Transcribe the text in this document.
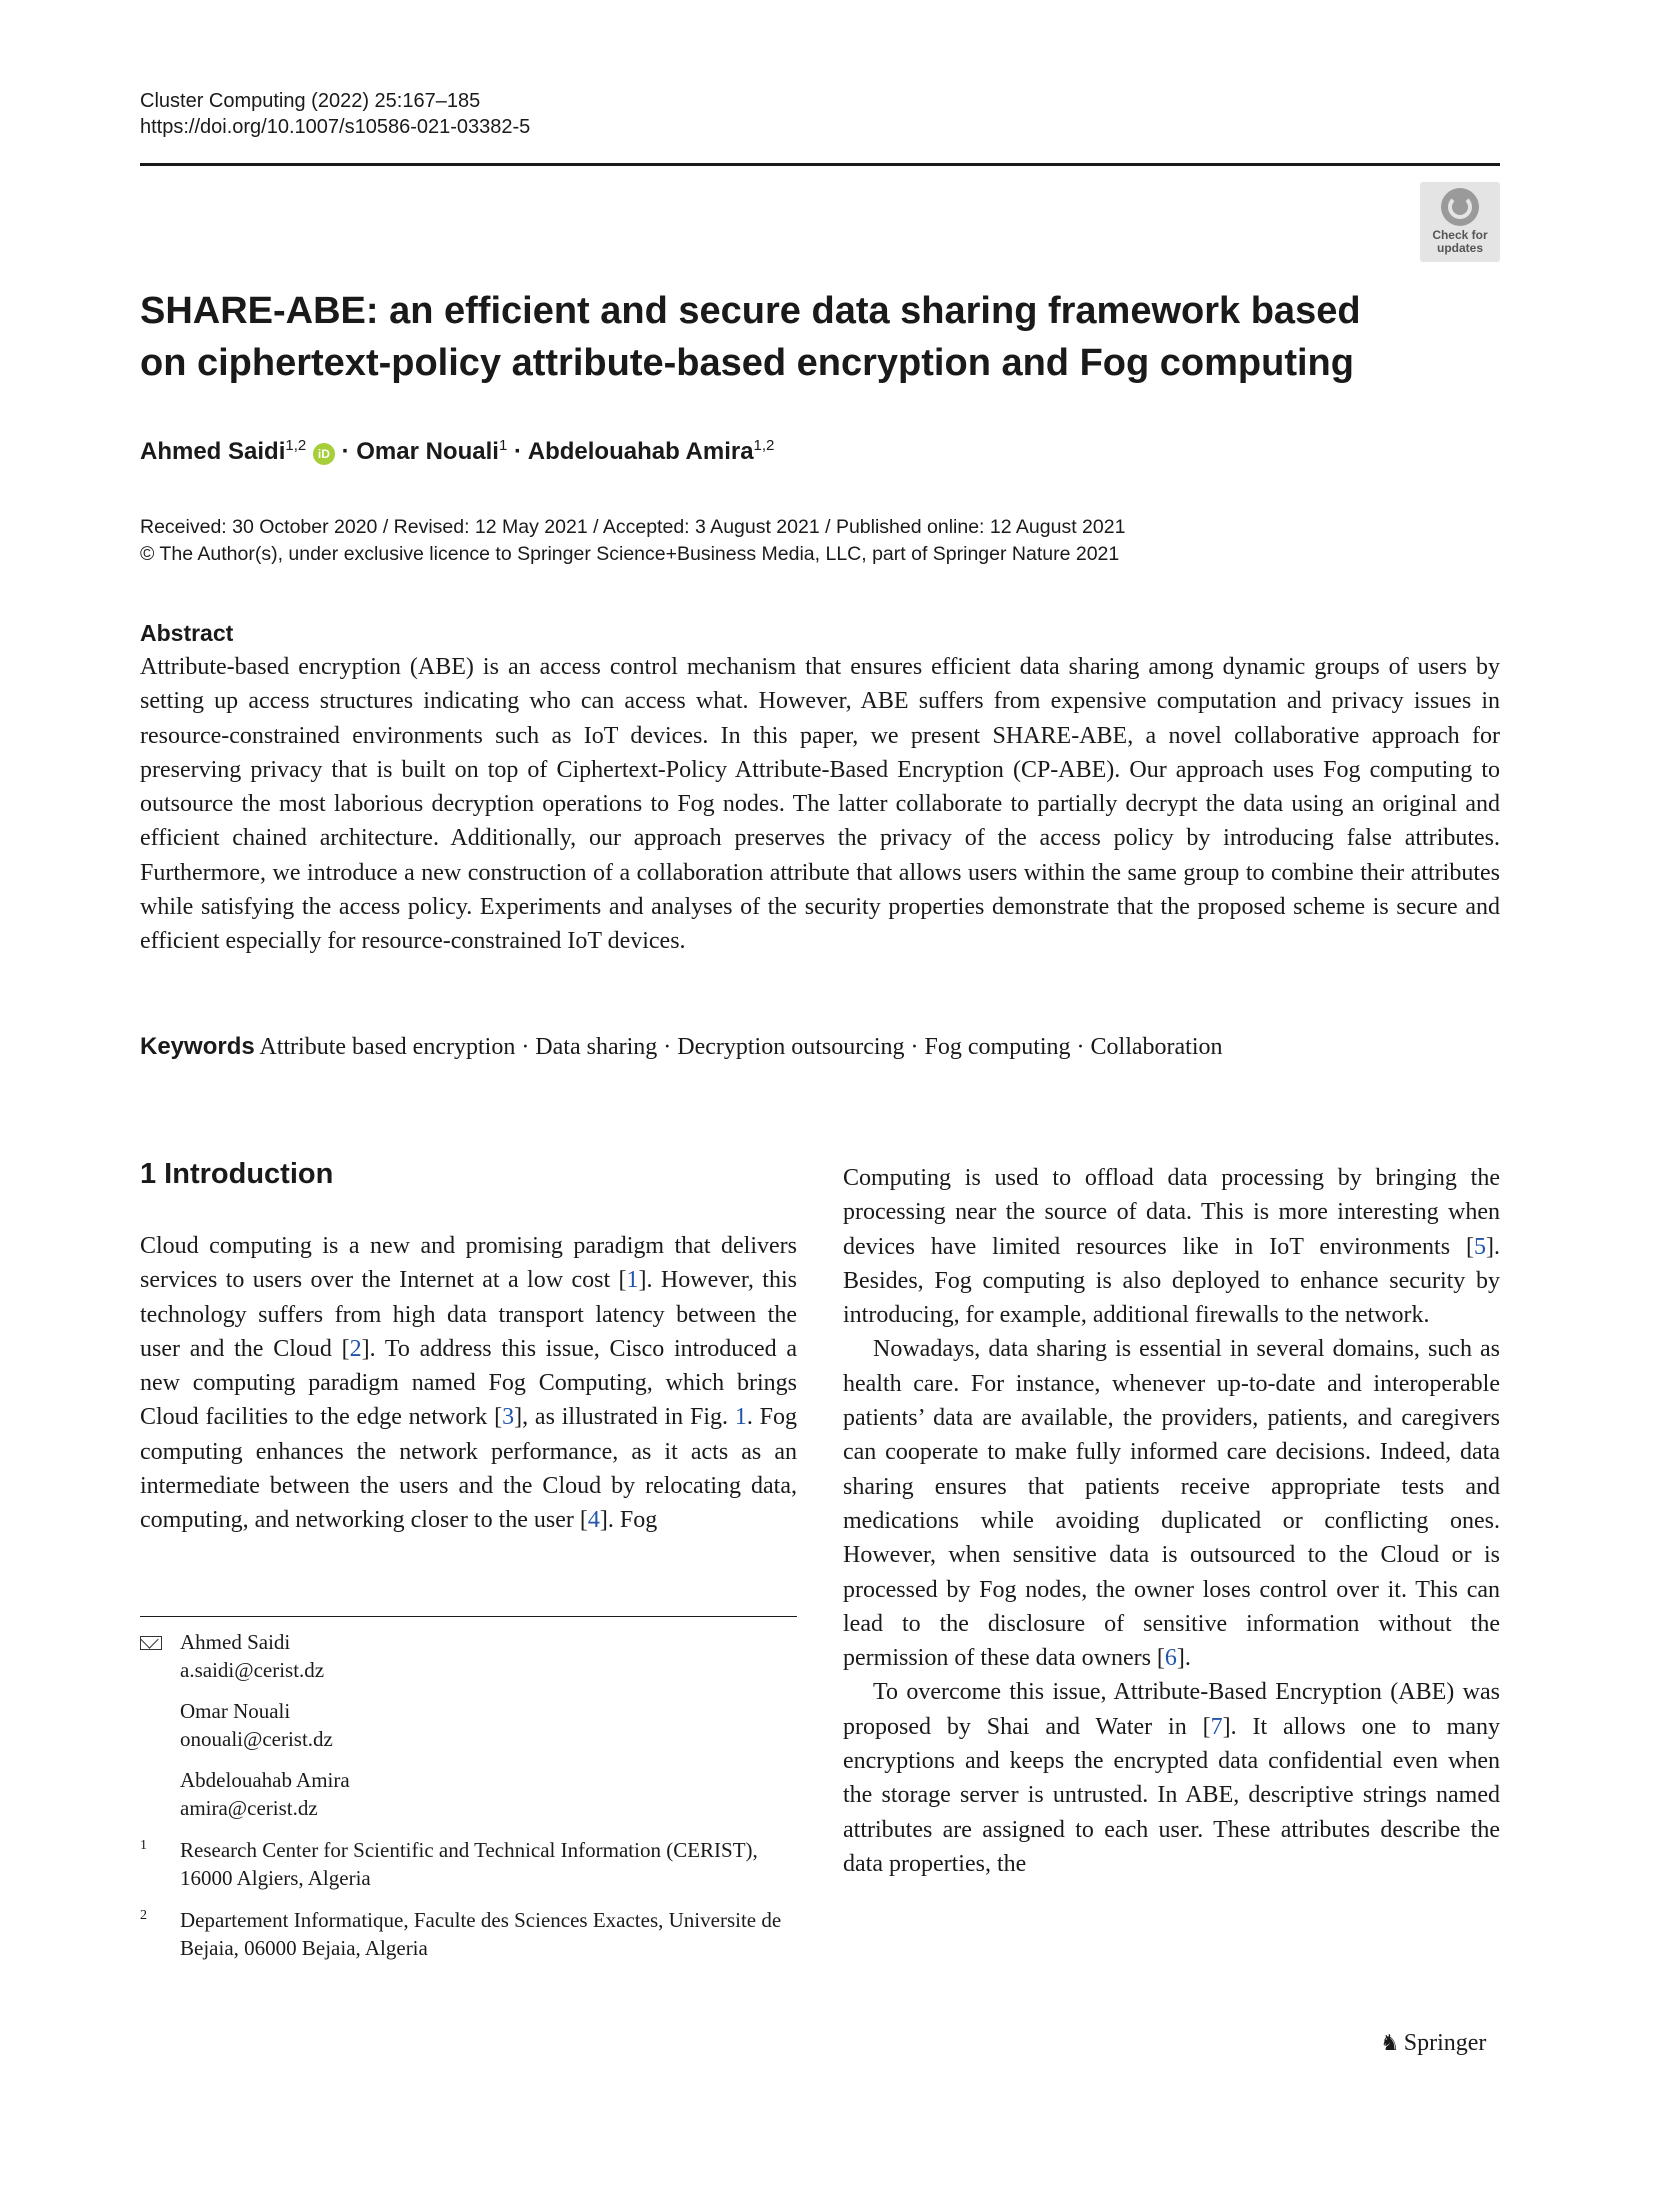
Cluster Computing (2022) 25:167–185
https://doi.org/10.1007/s10586-021-03382-5
Check for
updates
SHARE-ABE: an efficient and secure data sharing framework based on ciphertext-policy attribute-based encryption and Fog computing
Ahmed Saidi$^{1,2}$ iD · Omar Nouali$^1$ · Abdelouahab Amira$^{1,2}$
Received: 30 October 2020 / Revised: 12 May 2021 / Accepted: 3 August 2021 / Published online: 12 August 2021
© The Author(s), under exclusive licence to Springer Science+Business Media, LLC, part of Springer Nature 2021
Abstract
Attribute-based encryption (ABE) is an access control mechanism that ensures efficient data sharing among dynamic groups of users by setting up access structures indicating who can access what. However, ABE suffers from expensive computation and privacy issues in resource-constrained environments such as IoT devices. In this paper, we present SHARE-ABE, a novel collaborative approach for preserving privacy that is built on top of Ciphertext-Policy Attribute-Based Encryption (CP-ABE). Our approach uses Fog computing to outsource the most laborious decryption operations to Fog nodes. The latter collaborate to partially decrypt the data using an original and efficient chained architecture. Additionally, our approach preserves the privacy of the access policy by introducing false attributes. Furthermore, we introduce a new construction of a collaboration attribute that allows users within the same group to combine their attributes while satisfying the access policy. Experiments and analyses of the security properties demonstrate that the proposed scheme is secure and efficient especially for resource-constrained IoT devices.
Keywords Attribute based encryption · Data sharing · Decryption outsourcing · Fog computing · Collaboration
1 Introduction

Cloud computing is a new and promising paradigm that delivers services to users over the Internet at a low cost [1]. However, this technology suffers from high data transport latency between the user and the Cloud [2]. To address this issue, Cisco introduced a new computing paradigm named Fog Computing, which brings Cloud facilities to the edge network [3], as illustrated in Fig. 1. Fog computing enhances the network performance, as it acts as an intermediate between the users and the Cloud by relocating data, computing, and networking closer to the user [4]. Fog

Ahmed Saidi
a.saidi@cerist.dz
Omar Nouali
onouali@cerist.dz
Abdelouahab Amira
amira@cerist.dz
1 Research Center for Scientific and Technical Information (CERIST), 16000 Algiers, Algeria
2 Departement Informatique, Faculte des Sciences Exactes, Universite de Bejaia, 06000 Bejaia, Algeria

Computing is used to offload data processing by bringing the processing near the source of data. This is more interesting when devices have limited resources like in IoT environments [5]. Besides, Fog computing is also deployed to enhance security by introducing, for example, additional firewalls to the network.

Nowadays, data sharing is essential in several domains, such as health care. For instance, whenever up-to-date and interoperable patients’ data are available, the providers, patients, and caregivers can cooperate to make fully informed care decisions. Indeed, data sharing ensures that patients receive appropriate tests and medications while avoiding duplicated or conflicting ones. However, when sensitive data is outsourced to the Cloud or is processed by Fog nodes, the owner loses control over it. This can lead to the disclosure of sensitive information without the permission of these data owners [6].

To overcome this issue, Attribute-Based Encryption (ABE) was proposed by Shai and Water in [7]. It allows one to many encryptions and keeps the encrypted data confidential even when the storage server is untrusted. In ABE, descriptive strings named attributes are assigned to each user. These attributes describe the data properties, the

♞ Springer
